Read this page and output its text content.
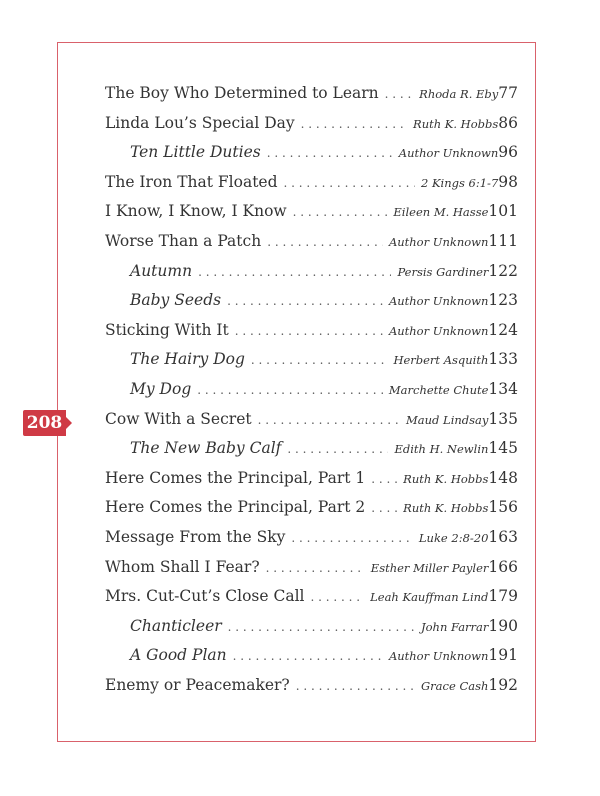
208
The Boy Who Determined to Learn . . .	Rhoda R. Eby 77
Linda Lou’s Special Day . . .	Ruth K. Hobbs 86
Ten Little Duties . . .	Author Unknown 96
The Iron That Floated . . .	2 Kings 6:1-7 98
I Know, I Know, I Know . . .	Eileen M. Hasse 101
Worse Than a Patch . . .	Author Unknown 111
Autumn . . .	Persis Gardiner 122
Baby Seeds . . .	Author Unknown 123
Sticking With It . . .	Author Unknown 124
The Hairy Dog . . .	Herbert Asquith 133
My Dog . . .	Marchette Chute 134
Cow With a Secret . . .	Maud Lindsay 135
The New Baby Calf . . .	Edith H. Newlin 145
Here Comes the Principal, Part 1 . . .	Ruth K. Hobbs 148
Here Comes the Principal, Part 2 . . .	Ruth K. Hobbs 156
Message From the Sky . . .	Luke 2:8-20 163
Whom Shall I Fear? . . .	Esther Miller Payler 166
Mrs. Cut-Cut’s Close Call . . .	Leah Kauffman Lind 179
Chanticleer . . .	John Farrar 190
A Good Plan . . .	Author Unknown 191
Enemy or Peacemaker? . . .	Grace Cash 192
